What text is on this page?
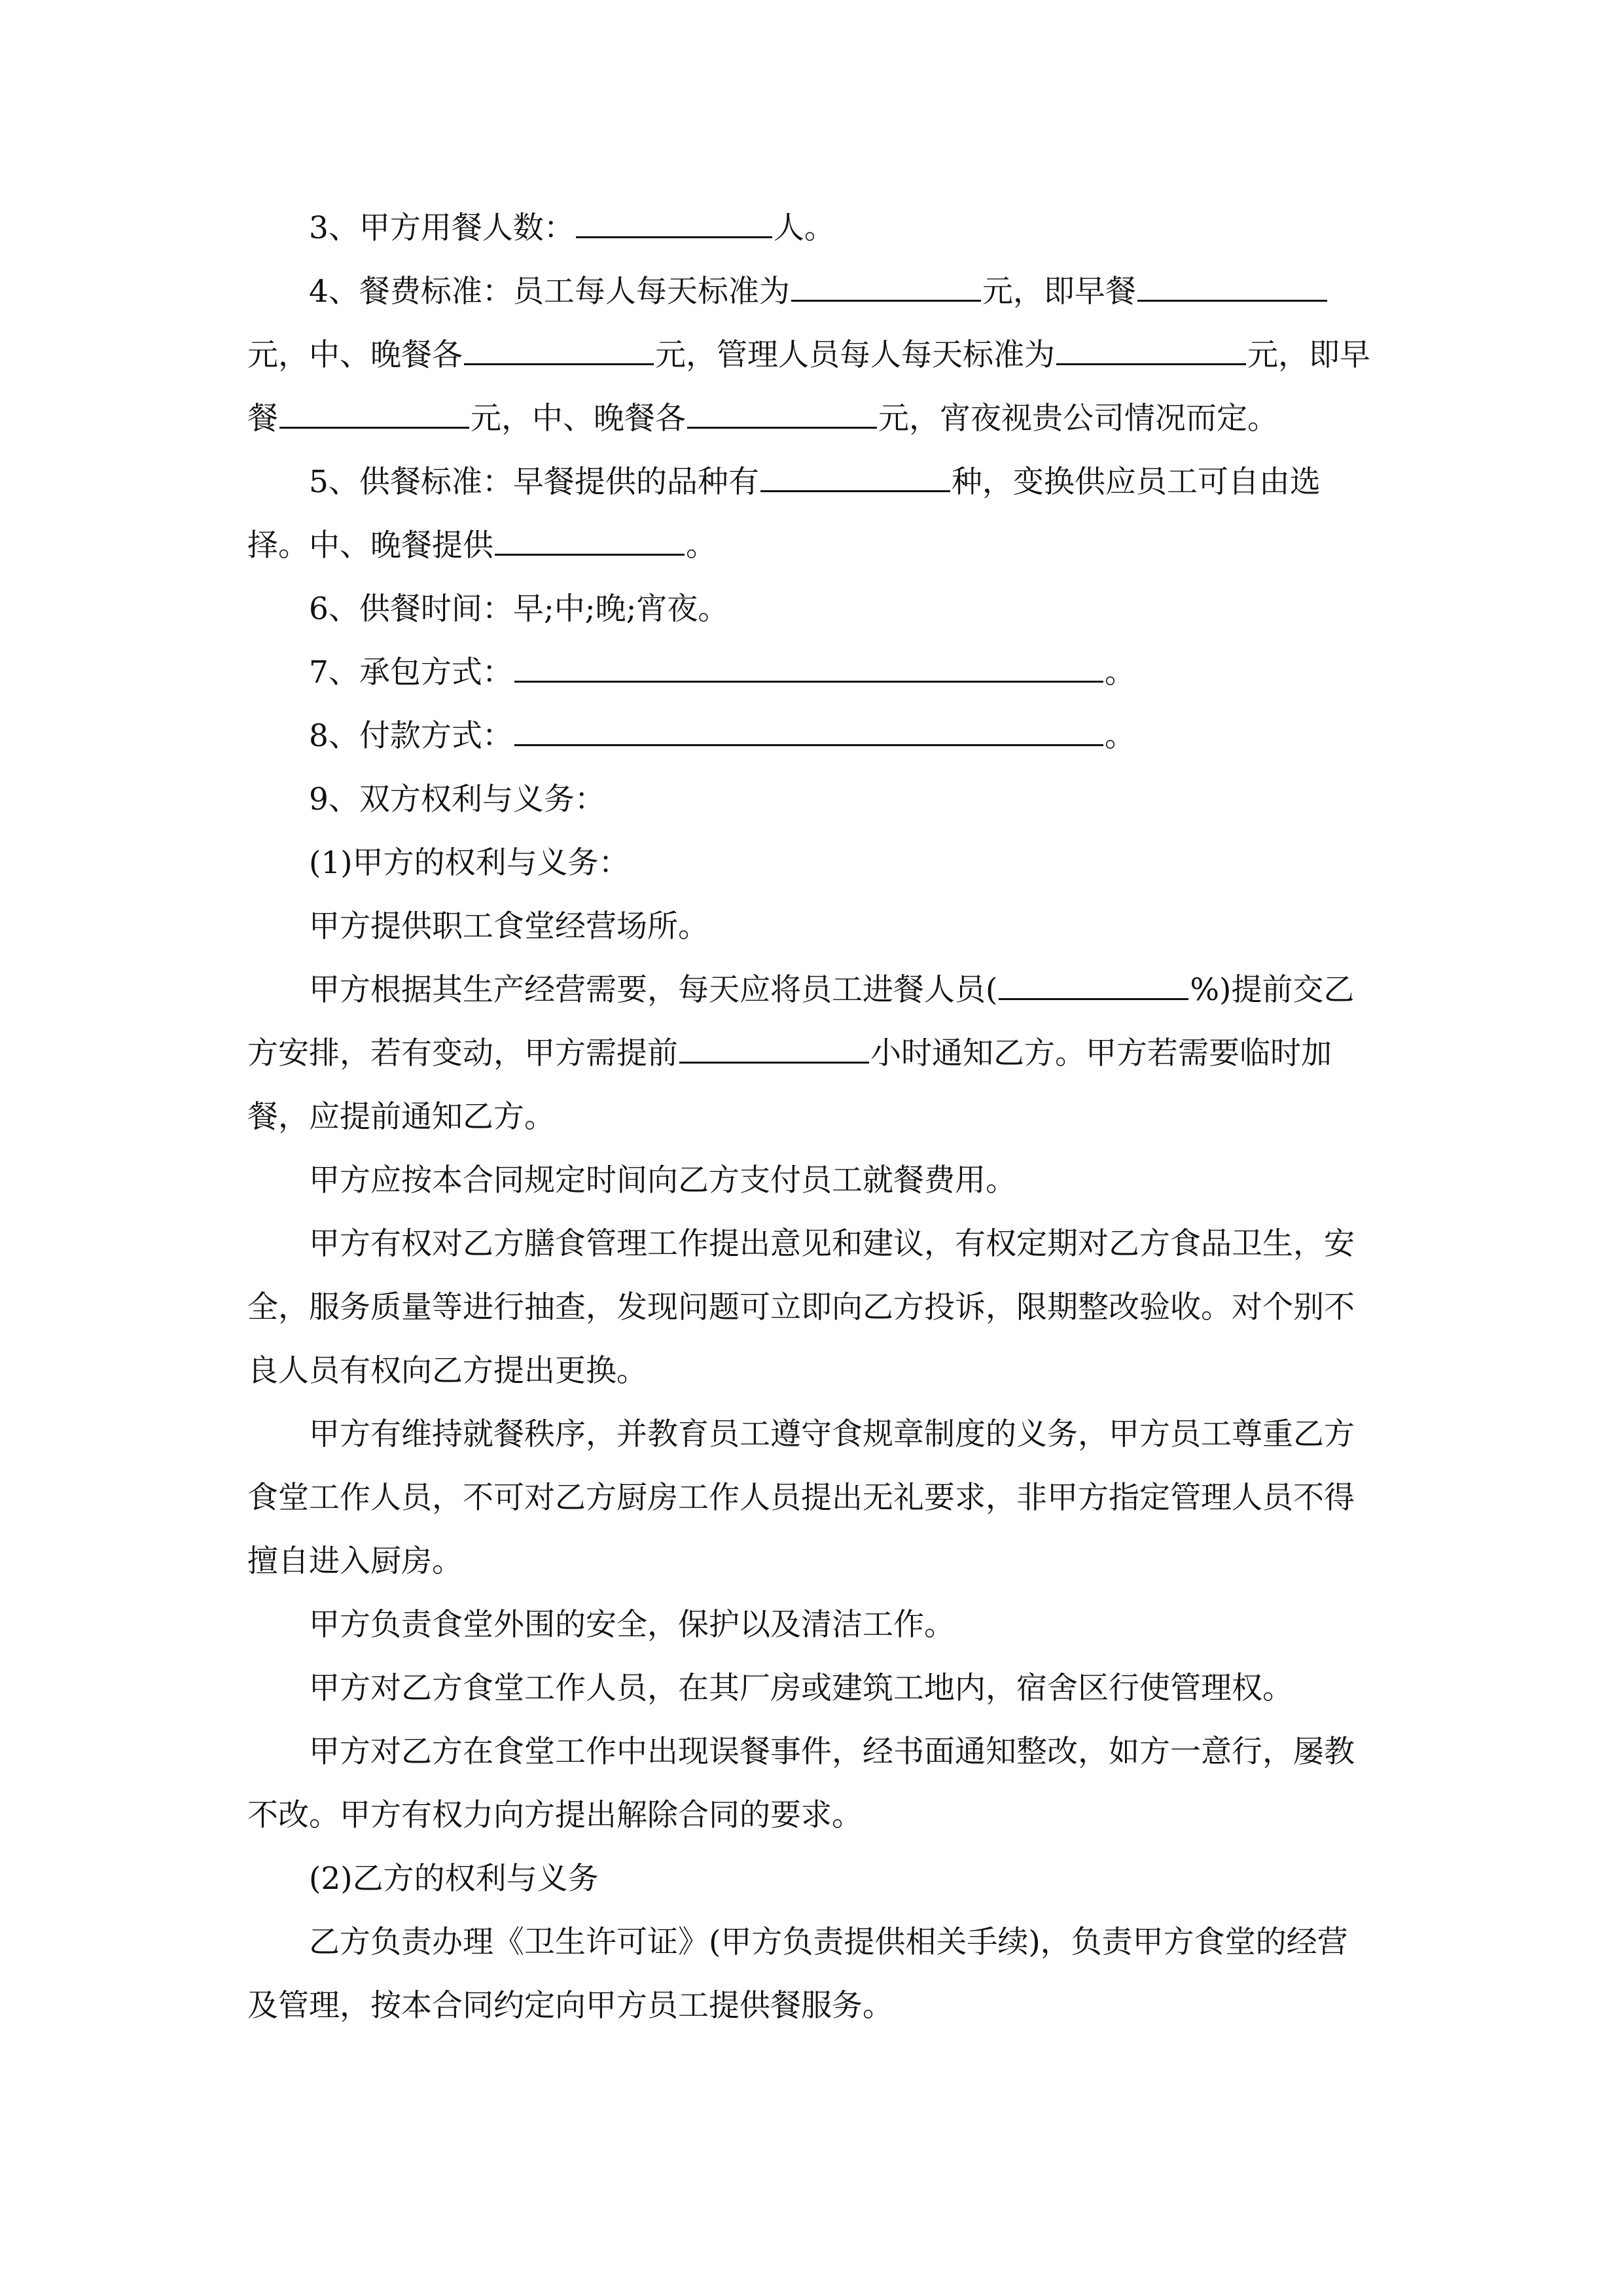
3、甲方用餐人数：	人。

4、餐费标准：员工每人每天标准为	元，即早餐元，中、晚餐各	元，管理人员每人每天标准为	元，即早餐	元，中、晚餐各	元，宵夜视贵公司情况而定。

5、供餐标准：早餐提供的品种有	种，变换供应员工可自由选择。中、晚餐提供	。

6、供餐时间：早;中;晚;宵夜。

7、承包方式：	。

8、付款方式：	。

9、双方权利与义务：

(1)甲方的权利与义务：

甲方提供职工食堂经营场所。

甲方根据其生产经营需要，每天应将员工进餐人员(	%)提前交乙方安排，若有变动，甲方需提前	小时通知乙方。甲方若需要临时加餐，应提前通知乙方。

甲方应按本合同规定时间向乙方支付员工就餐费用。

甲方有权对乙方膳食管理工作提出意见和建议，有权定期对乙方食品卫生，安全，服务质量等进行抽查，发现问题可立即向乙方投诉，限期整改验收。对个别不良人员有权向乙方提出更换。

甲方有维持就餐秩序，并教育员工遵守食规章制度的义务，甲方员工尊重乙方食堂工作人员，不可对乙方厨房工作人员提出无礼要求，非甲方指定管理人员不得擅自进入厨房。

甲方负责食堂外围的安全，保护以及清洁工作。

甲方对乙方食堂工作人员，在其厂房或建筑工地内，宿舍区行使管理权。

甲方对乙方在食堂工作中出现误餐事件，经书面通知整改，如方一意行，屡教不改。甲方有权力向方提出解除合同的要求。

(2)乙方的权利与义务

乙方负责办理《卫生许可证》(甲方负责提供相关手续)，负责甲方食堂的经营及管理，按本合同约定向甲方员工提供餐服务。
